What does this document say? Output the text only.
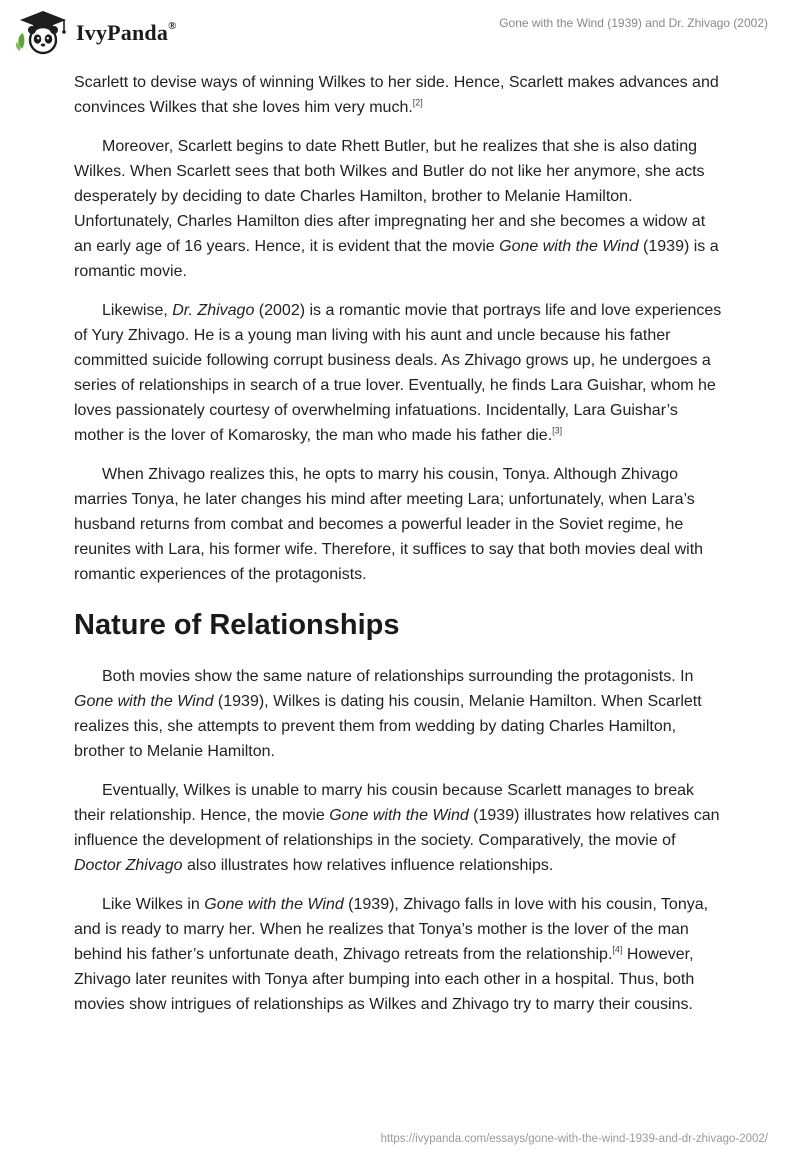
IvyPanda®	Gone with the Wind (1939) and Dr. Zhivago (2002)

Scarlett to devise ways of winning Wilkes to her side. Hence, Scarlett makes advances and convinces Wilkes that she loves him very much.[2]

Moreover, Scarlett begins to date Rhett Butler, but he realizes that she is also dating Wilkes. When Scarlett sees that both Wilkes and Butler do not like her anymore, she acts desperately by deciding to date Charles Hamilton, brother to Melanie Hamilton. Unfortunately, Charles Hamilton dies after impregnating her and she becomes a widow at an early age of 16 years. Hence, it is evident that the movie Gone with the Wind (1939) is a romantic movie.

Likewise, Dr. Zhivago (2002) is a romantic movie that portrays life and love experiences of Yury Zhivago. He is a young man living with his aunt and uncle because his father committed suicide following corrupt business deals. As Zhivago grows up, he undergoes a series of relationships in search of a true lover. Eventually, he finds Lara Guishar, whom he loves passionately courtesy of overwhelming infatuations. Incidentally, Lara Guishar’s mother is the lover of Komarosky, the man who made his father die.[3]

When Zhivago realizes this, he opts to marry his cousin, Tonya. Although Zhivago marries Tonya, he later changes his mind after meeting Lara; unfortunately, when Lara’s husband returns from combat and becomes a powerful leader in the Soviet regime, he reunites with Lara, his former wife. Therefore, it suffices to say that both movies deal with romantic experiences of the protagonists.

Nature of Relationships

Both movies show the same nature of relationships surrounding the protagonists. In Gone with the Wind (1939), Wilkes is dating his cousin, Melanie Hamilton. When Scarlett realizes this, she attempts to prevent them from wedding by dating Charles Hamilton, brother to Melanie Hamilton.

Eventually, Wilkes is unable to marry his cousin because Scarlett manages to break their relationship. Hence, the movie Gone with the Wind (1939) illustrates how relatives can influence the development of relationships in the society. Comparatively, the movie of Doctor Zhivago also illustrates how relatives influence relationships.

Like Wilkes in Gone with the Wind (1939), Zhivago falls in love with his cousin, Tonya, and is ready to marry her. When he realizes that Tonya’s mother is the lover of the man behind his father’s unfortunate death, Zhivago retreats from the relationship.[4] However, Zhivago later reunites with Tonya after bumping into each other in a hospital. Thus, both movies show intrigues of relationships as Wilkes and Zhivago try to marry their cousins.

https://ivypanda.com/essays/gone-with-the-wind-1939-and-dr-zhivago-2002/
